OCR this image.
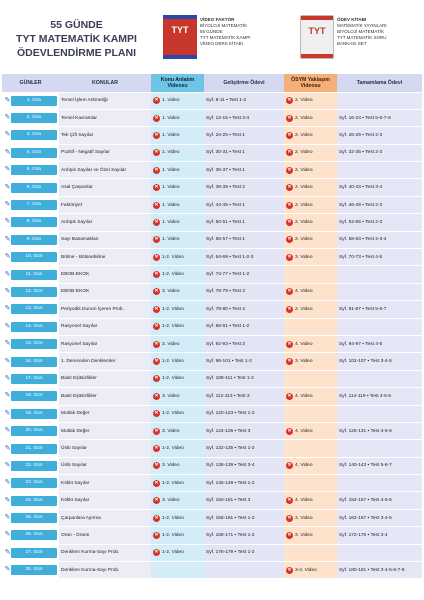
55 GÜNDE
TYT MATEMATİK KAMPI
ÖDEVLENDİRME PLANI
TYT
VİDEO FAKTÖR
BİYOLOJİ MATEMATİK
55 GÜNDE
TYT MATEMATİK KAMPI
VİDEO DERS KİTABI
TYT
ÖDEV KİTABI
MATEMATİK YAYINLARI
BİYOLOJİ MATEMATİK
TYT MATEMATİK SORU
BANKASI SET
GÜNLER	KONULAR	Konu Anlatım Videosu	Geliştirme Ödevi	ÖSYM Yaklaşım Videosu	Tamamlama Ödevi

✎ 1. Gün	Temel İşlem Arkmetiği	✕ 1. Video	Syf. 8-11 ▪ Test 1-2	✕ 2. Video	

✎ 2. Gün	Temel Kavramlar	✕ 1. Video	Syf. 12-15 ▪ Test 3-4	✕ 2. Video	Syf. 16-23 ▪ Test 5-6-7-8

✎ 3. Gün	Tek Çift Sayılar	✕ 1. Video	Syf. 24-25 ▪ Test 1	✕ 2. Video	Syf. 26-29 ▪ Test 2-3

✎ 4. Gün	Pozitif - Negatif Sayılar	✕ 1. Video	Syf. 30-31 ▪ Test 1	✕ 2. Video	Syf. 32-35 ▪ Test 2-3

✎ 5. Gün	Ardışık Sayılar ve Özel Sayılar	✕ 1. Video	Syf. 36-37 ▪ Test 1	✕ 2. Video	

✎ 6. Gün	Asal Çarpanlar	✕ 1. Video	Syf. 38-39 ▪ Test 2	✕ 2. Video	Syf. 40-43 ▪ Test 3-4

✎ 7. Gün	Faktöriyel	✕ 1. Video	Syf. 44-45 ▪ Test 1	✕ 2. Video	Syf. 46-49 ▪ Test 2-3

✎ 8. Gün	Ardışık Sayılar	✕ 1. Video	Syf. 50-51 ▪ Test 1	✕ 2. Video	Syf. 52-55 ▪ Test 2-3

✎ 9. Gün	Sayı Basamakları	✕ 1. Video	Syf. 56-57 ▪ Test 1	✕ 2. Video	Syf. 58-63 ▪ Test 2-3-4

✎ 10. Gün	Bölme - Bölünebilme	✕ 1-2. Video	Syf. 64-69 ▪ Test 1-2-3	✕ 3. Video	Syf. 70-73 ▪ Test 4-5

✎ 11. Gün	EBOB-EKOK	✕ 1-2. Video	Syf. 74-77 ▪ Test 1-2		

✎ 12. Gün	EBOB-EKOK	✕ 3. Video	Syf. 78-79 ▪ Test 3	✕ 4. Video	

✎ 13. Gün	Periyodik Durum İçeren Prob.	✕ 1-2. Video	Syf. 78-80 ▪ Test 4	✕ 2. Video	Syf. 81-87 ▪ Test 5-6-7

✎ 14. Gün	Rasyonel Sayılar	✕ 1-2. Video	Syf. 88-91 ▪ Test 1-2		

✎ 15. Gün	Rasyonel Sayılar	✕ 3. Video	Syf. 92-93 ▪ Test 3	✕ 4. Video	Syf. 94-97 ▪ Test 4-5

✎ 16. Gün	1. Dereceden Denklemler	✕ 1-2. Video	Syf. 98-101 ▪ Test 1-2	✕ 3. Video	Syf. 102-107 ▪ Test 3-4-5

✎ 17. Gün	Basit Eşitsizlikler	✕ 1-2. Video	Syf. 108-111 ▪ Test 1-2		

✎ 18. Gün	Basit Eşitsizlikler	✕ 3. Video	Syf. 112-113 ▪ Test 3	✕ 4. Video	Syf. 114-119 ▪ Test 4-5-6

✎ 19. Gün	Mutlak Değer	✕ 1-2. Video	Syf. 120-123 ▪ Test 1-2		

✎ 20. Gün	Mutlak Değer	✕ 3. Video	Syf. 124-125 ▪ Test 3	✕ 4. Video	Syf. 126-131 ▪ Test 4-5-6

✎ 21. Gün	Üslü Sayılar	✕ 1-2. Video	Syf. 132-135 ▪ Test 1-2		

✎ 22. Gün	Üslü Sayılar	✕ 3. Video	Syf. 136-139 ▪ Test 3-4	✕ 4. Video	Syf. 140-143 ▪ Test 5-6-7

✎ 23. Gün	Köklü Sayılar	✕ 1-2. Video	Syf. 146-149 ▪ Test 1-2		

✎ 24. Gün	Köklü Sayılar	✕ 3. Video	Syf. 150-151 ▪ Test 3	✕ 4. Video	Syf. 152-157 ▪ Test 4-5-6

✎ 25. Gün	Çarpanlara Ayırma	✕ 1-2. Video	Syf. 158-161 ▪ Test 1-2	✕ 3. Video	Syf. 162-167 ▪ Test 3-4-5

✎ 26. Gün	Oran - Orantı	✕ 1-2. Video	Syf. 168-171 ▪ Test 1-2	✕ 3. Video	Syf. 172-175 ▪ Test 3-4

✎ 27. Gün	Denklem Kurma-Sayı Prob.	✕ 1-2. Video	Syf. 176-179 ▪ Test 1-2		

✎ 28. Gün	Denklem Kurma-Sayı Prob.			✕ 3-4. Video	Syf. 180-181 ▪ Test 3-4-5-6-7-8
